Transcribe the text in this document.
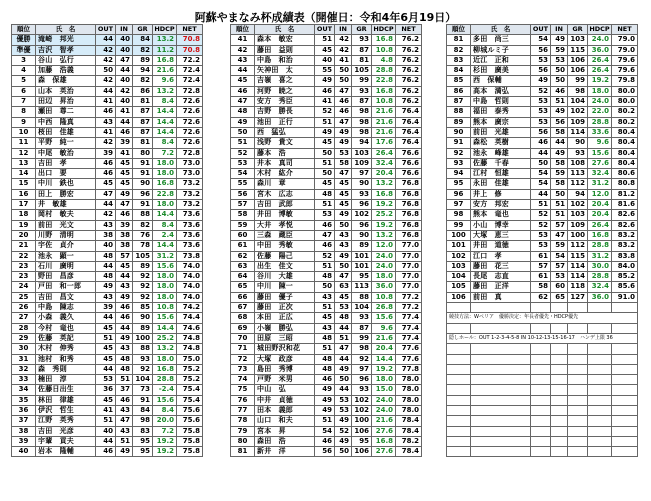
阿蘇やまなみ杯成績表（開催日：令和4年6月19日）
順位	氏　名	OUT	IN	GR	HDCP	NET
優勝	滝崎　邦光	44	40	84	13.2	70.8
準優	吉沢　智孝	42	40	82	11.2	70.8
3	谷山　弘行	42	47	89	16.8	72.2
4	加藤　浩義	50	44	94	21.6	72.4
5	森　保雄	42	40	82	9.6	72.4
6	山本　英治	44	42	86	13.2	72.8
7	田辺　昇治	41	40	81	8.4	72.6
8	瀬田　尊二	46	41	87	14.4	72.6
9	中西　隆真	43	44	87	14.4	72.6
10	桜田　佳雄	41	46	87	14.4	72.6
11	平野　純一	42	39	81	8.4	72.6
12	中尾　敏治	39	41	80	7.2	72.8
13	吉田　孝	46	45	91	18.0	73.0
14	出口　要	46	45	91	18.0	73.0
15	中川　鉄也	45	45	90	16.8	73.2
16	田上　勝宏	47	49	96	22.8	73.2
17	井　敏雄	44	47	91	18.0	73.2
18	岡村　敏夫	42	46	88	14.4	73.6
19	前田　光文	43	39	82	8.4	73.6
20	川野　清明	38	38	76	2.4	73.6
21	宇佐　貞介	40	38	78	14.4	73.6
22	池永　顕一	48	57	105	31.2	73.8
23	石川　廣明	44	45	89	15.6	74.0
23	野田　昌彦	48	44	92	18.0	74.0
24	戸田　和一郎	49	43	92	18.0	74.0
25	吉田　昌文	43	49	92	18.0	74.0
26	中島　陳志	39	46	85	10.8	74.2
27	小森　義久	44	46	90	15.6	74.4
28	今村　竜也	45	44	89	14.4	74.6
29	佐藤　英記	51	49	100	25.2	74.8
30	木村　伸秀	45	43	88	13.2	74.8
31	池村　和秀	45	48	93	18.0	75.0
32	森　秀則	44	48	92	16.8	75.2
33	楠田　淳	53	51	104	28.8	75.2
34	佐藤日出生	36	37	73	-2.4	75.4
35	林田　律雄	45	46	91	15.6	75.4
36	伊沢　哲生	41	43	84	8.4	75.6
37	江野　英秀	51	47	98	20.0	75.6
38	吉田　光彦	40	43	83	7.2	75.8
39	宇輩　貢夫	44	51	95	19.2	75.8
40	岩本　隆輔	46	49	95	19.2	75.8
順位	氏　名	OUT	IN	GR	HDCP	NET
41	森本　敏宏	51	42	93	16.8	76.2
42	藤田　益則	45	42	87	10.8	76.2
43	中島　和治	40	41	81	4.8	76.2
44	矢神田　太	55	50	105	28.8	76.2
45	吉嶺　喜之	49	50	99	22.8	76.2
46	河野　暁之	46	47	93	16.8	76.2
47	安方　秀臣	41	46	87	10.8	76.2
48	吉野　勝長	52	46	98	21.6	76.4
49	池田　正行	51	47	98	21.6	76.4
50	西　猛弘	49	49	98	21.6	76.4
51	浅野　貴文	45	49	94	17.6	76.4
52	藤本　浩	50	53	103	26.4	76.6
53	井本　真司	51	58	109	32.4	76.6
54	木村　紘介	50	47	97	20.4	76.6
55	森川　章	45	45	90	13.2	76.8
56	宮木　広志	48	45	93	16.8	76.8
57	吉田　武郎	51	45	96	19.2	76.8
58	井田　博敏	53	49	102	25.2	76.8
59	大井　孝悦	46	50	96	19.2	76.8
60	三森　蔵臣	47	43	90	13.2	76.8
61	中田　秀敏	46	43	89	12.0	77.0
62	佐藤　陽己	52	49	101	24.0	77.0
63	出生　佳文	51	50	101	24.0	77.0
64	谷川　大雄	48	47	95	18.0	77.0
65	中川　陳一	50	63	113	36.0	77.0
66	藤田　優子	43	45	88	10.8	77.2
67	藤田　正次	51	53	104	26.8	77.2
68	本田　正広	45	48	93	15.6	77.4
69	小嶺　勝弘	43	44	87	9.6	77.4
70	田原　三昭	48	51	99	21.6	77.4
71	城田野沢和花	51	47	98	20.4	77.6
72	大塚　政彦	48	44	92	14.4	77.6
73	島田　秀博	48	49	97	19.2	77.8
74	戸野　米男	46	50	96	18.0	78.0
75	中山　弘	49	44	93	15.0	78.0
76	中井　貞徳	49	53	102	24.0	78.0
77	田本　義郎	49	53	102	24.0	78.0
78	山口　和夫	51	49	100	21.6	78.4
79	宮本　昇	54	52	106	27.6	78.4
80	森田　浩	46	49	95	16.8	78.2
81	新井　洋	56	50	106	27.6	78.4
順位	氏　名	OUT	IN	GR	HDCP	NET
81	多田　尚三	54	49	103	24.0	79.0
82	柳城ルミ子	56	59	115	36.0	79.0
83	近江　正和	53	53	106	26.4	79.6
84	杉田　廣美	56	50	106	26.4	79.6
85	西　保輔	49	50	99	19.2	79.8
86	高本　満弘	52	46	98	18.0	80.0
87	中島　哲則	53	51	104	24.0	80.0
88	福田　泰秀	53	49	102	22.0	80.2
89	熊本　廣宗	53	56	109	28.8	80.2
90	前田　光雄	56	58	114	33.6	80.4
91	森松　英樹	46	44	90	9.6	80.4
92	池永　峰雄	44	49	93	15.6	80.4
93	佐藤　千春	50	58	108	27.6	80.4
94	江村　恒雄	54	59	113	32.4	80.6
95	永田　佳雄	54	58	112	31.2	80.8
96	井上　修	44	50	94	12.0	81.2
97	安方　邦宏	51	51	102	20.4	81.6
98	熊本　竜也	52	51	103	20.4	82.6
99	小山　博幸	52	57	109	26.4	82.6
100	大塚　恵三	53	47	100	16.8	83.2
101	井田　道徳	53	59	112	28.8	83.2
102	江口　孝	61	54	115	31.2	83.8
103	藤田　花三	57	57	114	30.0	84.0
104	長尾　志直	61	53	114	28.8	85.2
105	藤田　正洋	58	60	118	32.4	85.6
106	前田　真	62	65	127	36.0	91.0

競技方法：Wペリア　優勝決定：年長者優先・HDCP優先						

隠しホール：OUT 1-2-3-4-5-8 IN 10-12-13-15-16-17　ハンデ上限 36						
